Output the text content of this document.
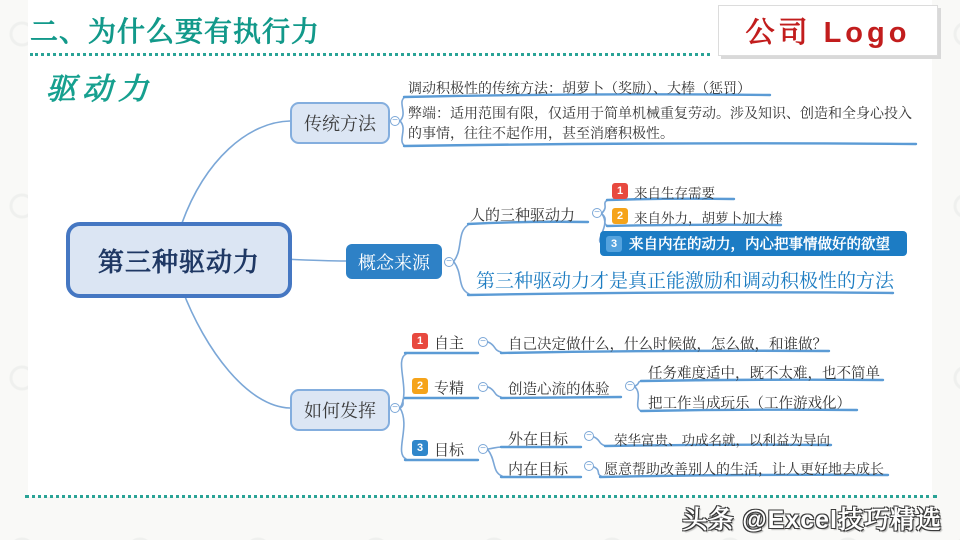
二、为什么要有执行力	公司 Logo
驱动力
第三种驱动力
传统方法
调动积极性的传统方法：胡萝卜（奖励）、大棒（惩罚）
弊端：适用范围有限，仅适用于简单机械重复劳动。涉及知识、创造和全身心投入的事情，往往不起作用，甚至消磨积极性。
概念来源
人的三种驱动力
1 来自生存需要
2 来自外力，胡萝卜加大棒
3 来自内在的动力，内心把事情做好的欲望
第三种驱动力才是真正能激励和调动积极性的方法
如何发挥
1 自主	自己决定做什么，什么时候做，怎么做，和谁做？
2 专精	创造心流的体验
任务难度适中，既不太难，也不简单
把工作当成玩乐（工作游戏化）
3 目标
外在目标	荣华富贵、功成名就，以利益为导向
内在目标	愿意帮助改善别人的生活，让人更好地去成长
−
−
−
−
−
−
−
−
−
−
头条 @Excel技巧精选
